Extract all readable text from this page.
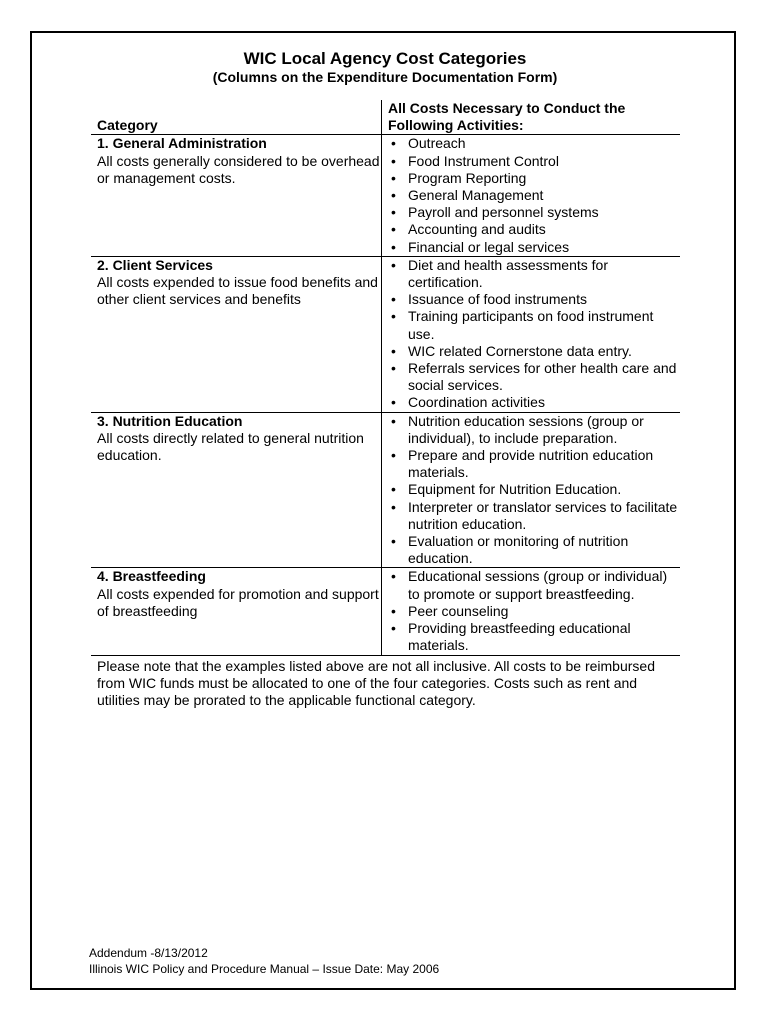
WIC Local Agency Cost Categories
(Columns on the Expenditure Documentation Form)
Category
All Costs Necessary to Conduct the
Following Activities:
1. General Administration
All costs generally considered to be overhead or management costs.
• Outreach
• Food Instrument Control
• Program Reporting
• General Management
• Payroll and personnel systems
• Accounting and audits
• Financial or legal services
2. Client Services
All costs expended to issue food benefits and other client services and benefits
• Diet and health assessments for certification.
• Issuance of food instruments
• Training participants on food instrument use.
• WIC related Cornerstone data entry.
• Referrals services for other health care and social services.
• Coordination activities
3. Nutrition Education
All costs directly related to general nutrition education.
• Nutrition education sessions (group or individual), to include preparation.
• Prepare and provide nutrition education materials.
• Equipment for Nutrition Education.
• Interpreter or translator services to facilitate nutrition education.
• Evaluation or monitoring of nutrition education.
4. Breastfeeding
All costs expended for promotion and support of breastfeeding
• Educational sessions (group or individual) to promote or support breastfeeding.
• Peer counseling
• Providing breastfeeding educational materials.
Please note that the examples listed above are not all inclusive. All costs to be reimbursed from WIC funds must be allocated to one of the four categories. Costs such as rent and utilities may be prorated to the applicable functional category.
Addendum -8/13/2012
Illinois WIC Policy and Procedure Manual – Issue Date: May 2006
